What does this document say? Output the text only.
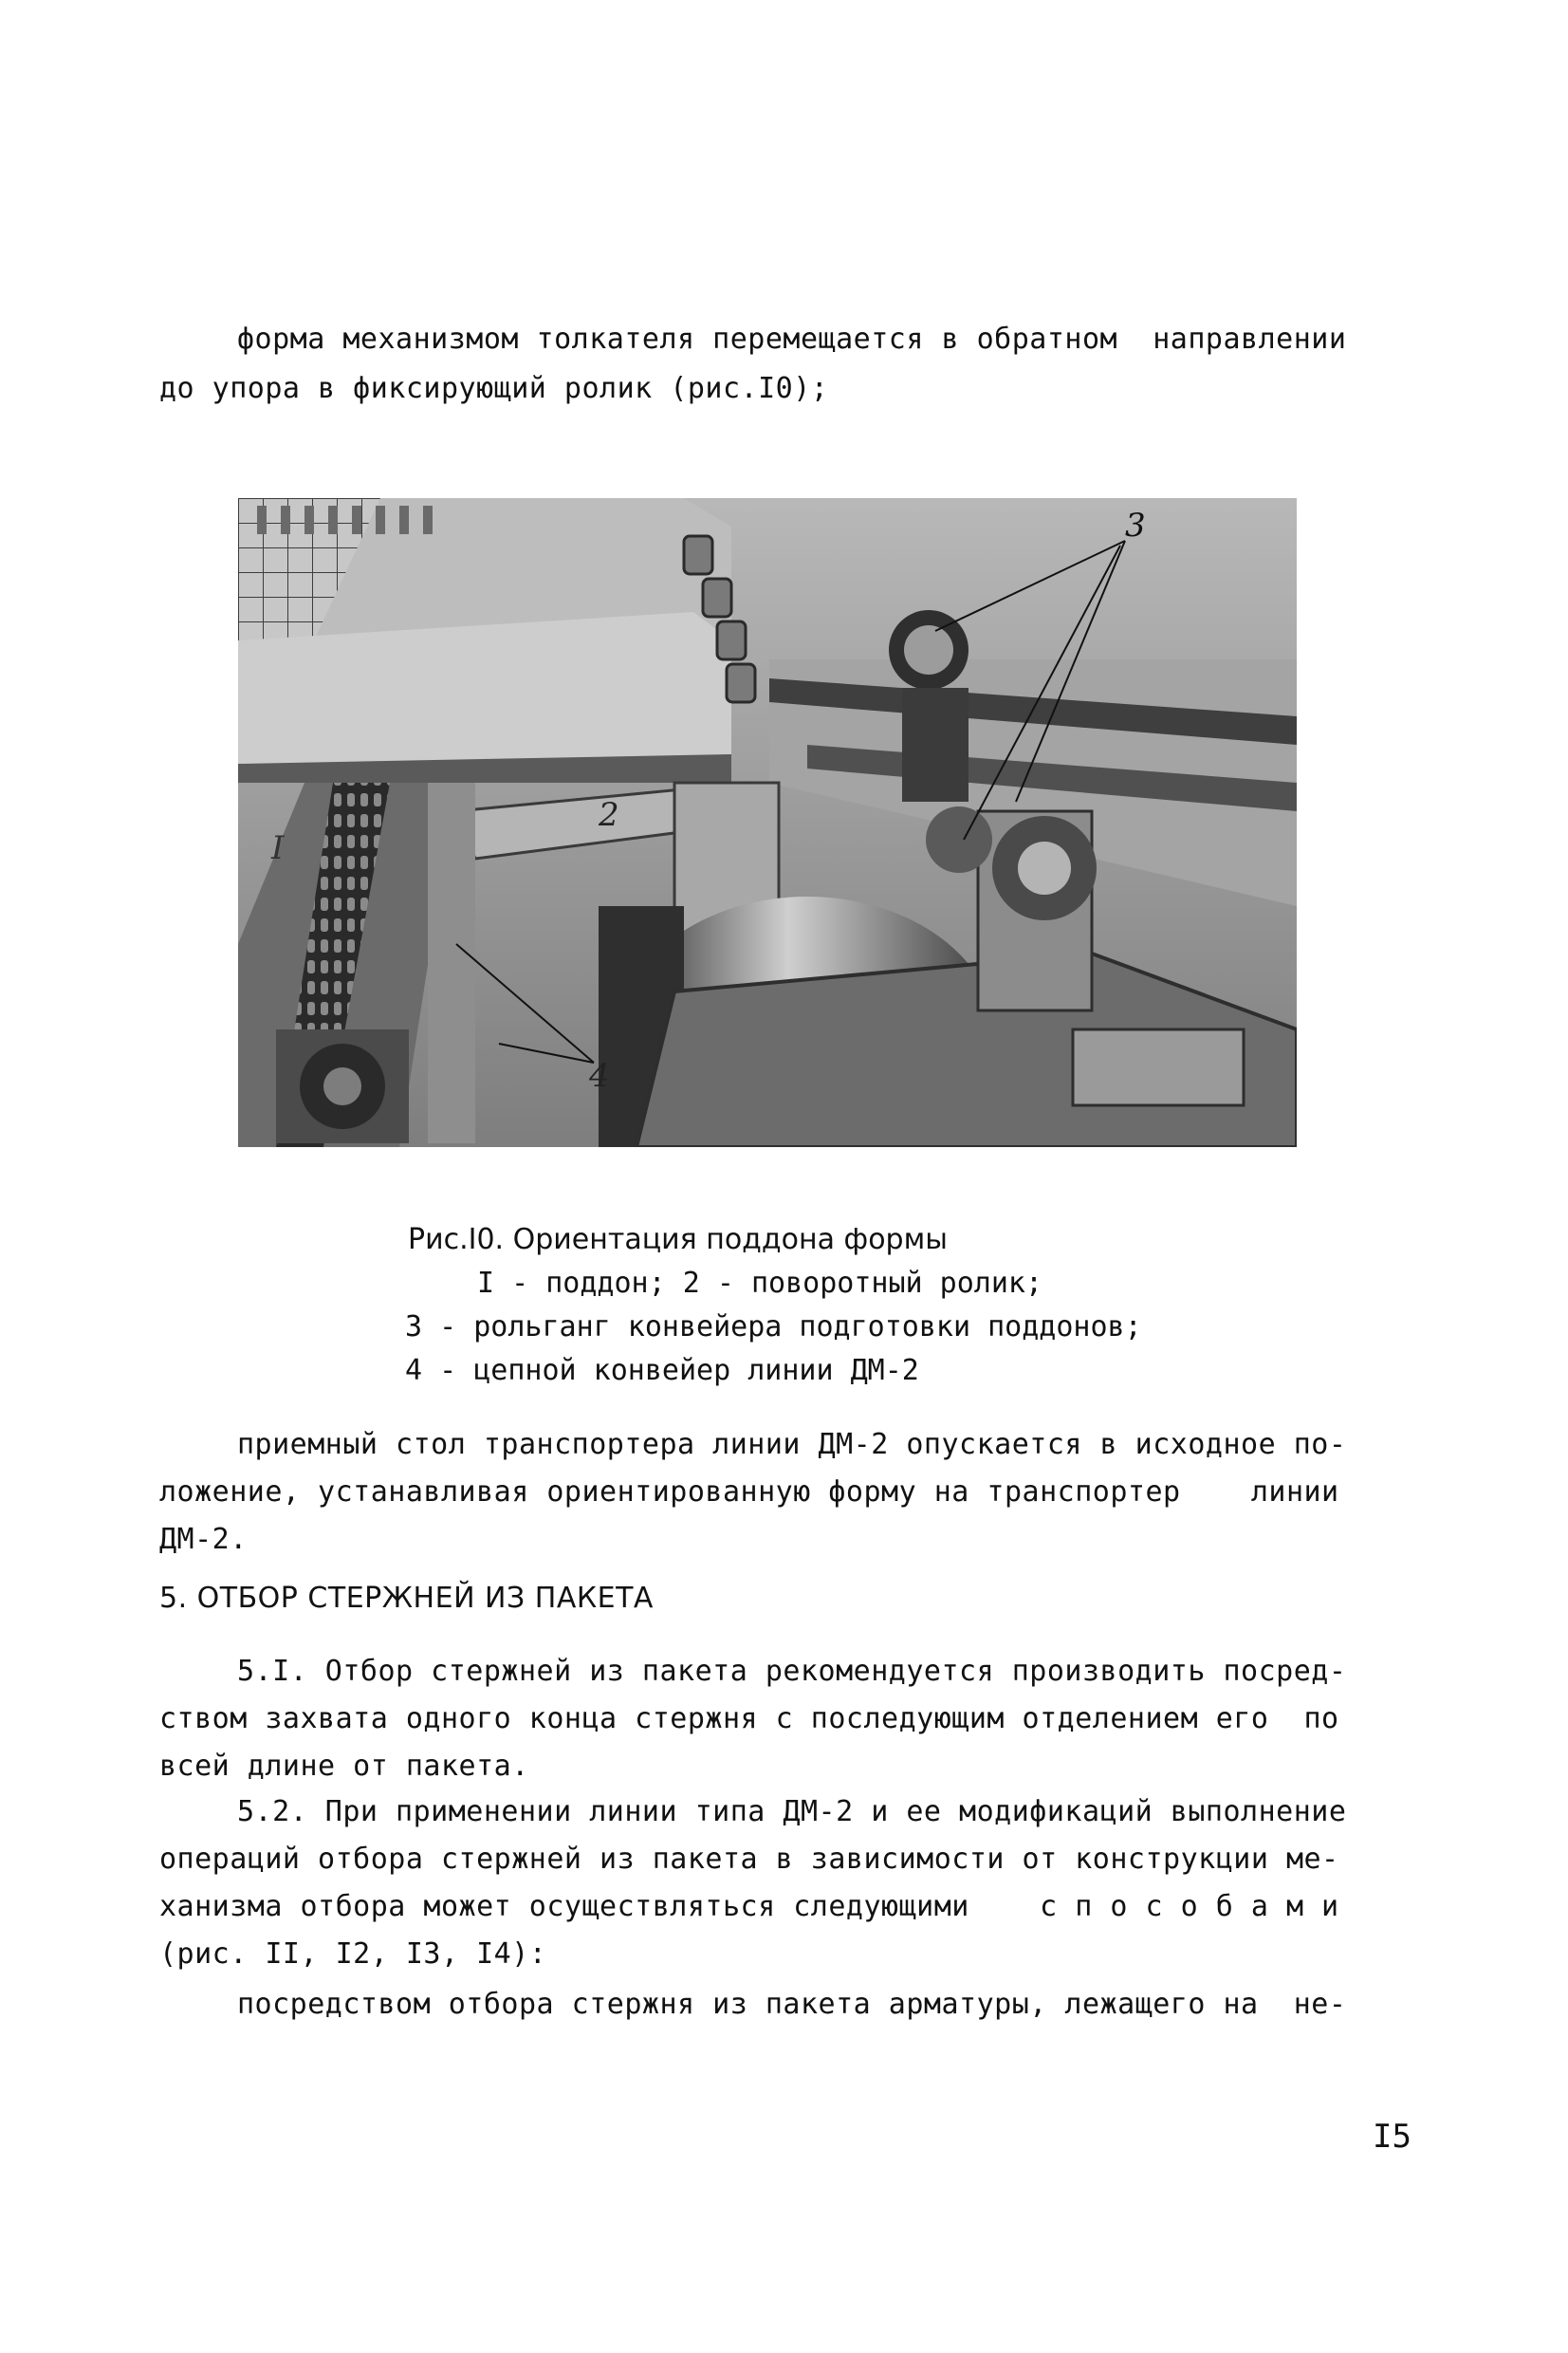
форма механизмом толкателя перемещается в обратном  направлении
до упора в фиксирующий ролик (рис.I0);
3
2
I
4
Рис.I0. Ориентация поддона формы
I - поддон; 2 - поворотный ролик;
3 - рольганг конвейера подготовки поддонов;
4 - цепной конвейер линии ДМ-2
приемный стол транспортера линии ДМ-2 опускается в исходное по-
ложение, устанавливая ориентированную форму на транспортер    линии
ДМ-2.
5. ОТБОР СТЕРЖНЕЙ ИЗ ПАКЕТА
5.I. Отбор стержней из пакета рекомендуется производить посред-
ством захвата одного конца стержня с последующим отделением его  по
всей длине от пакета.
5.2. При применении линии типа ДМ-2 и ее модификаций выполнение
операций отбора стержней из пакета в зависимости от конструкции ме-
ханизма отбора может осуществляться следующими    с п о с о б а м и
(рис. II, I2, I3, I4):
посредством отбора стержня из пакета арматуры, лежащего на  не-
I5
